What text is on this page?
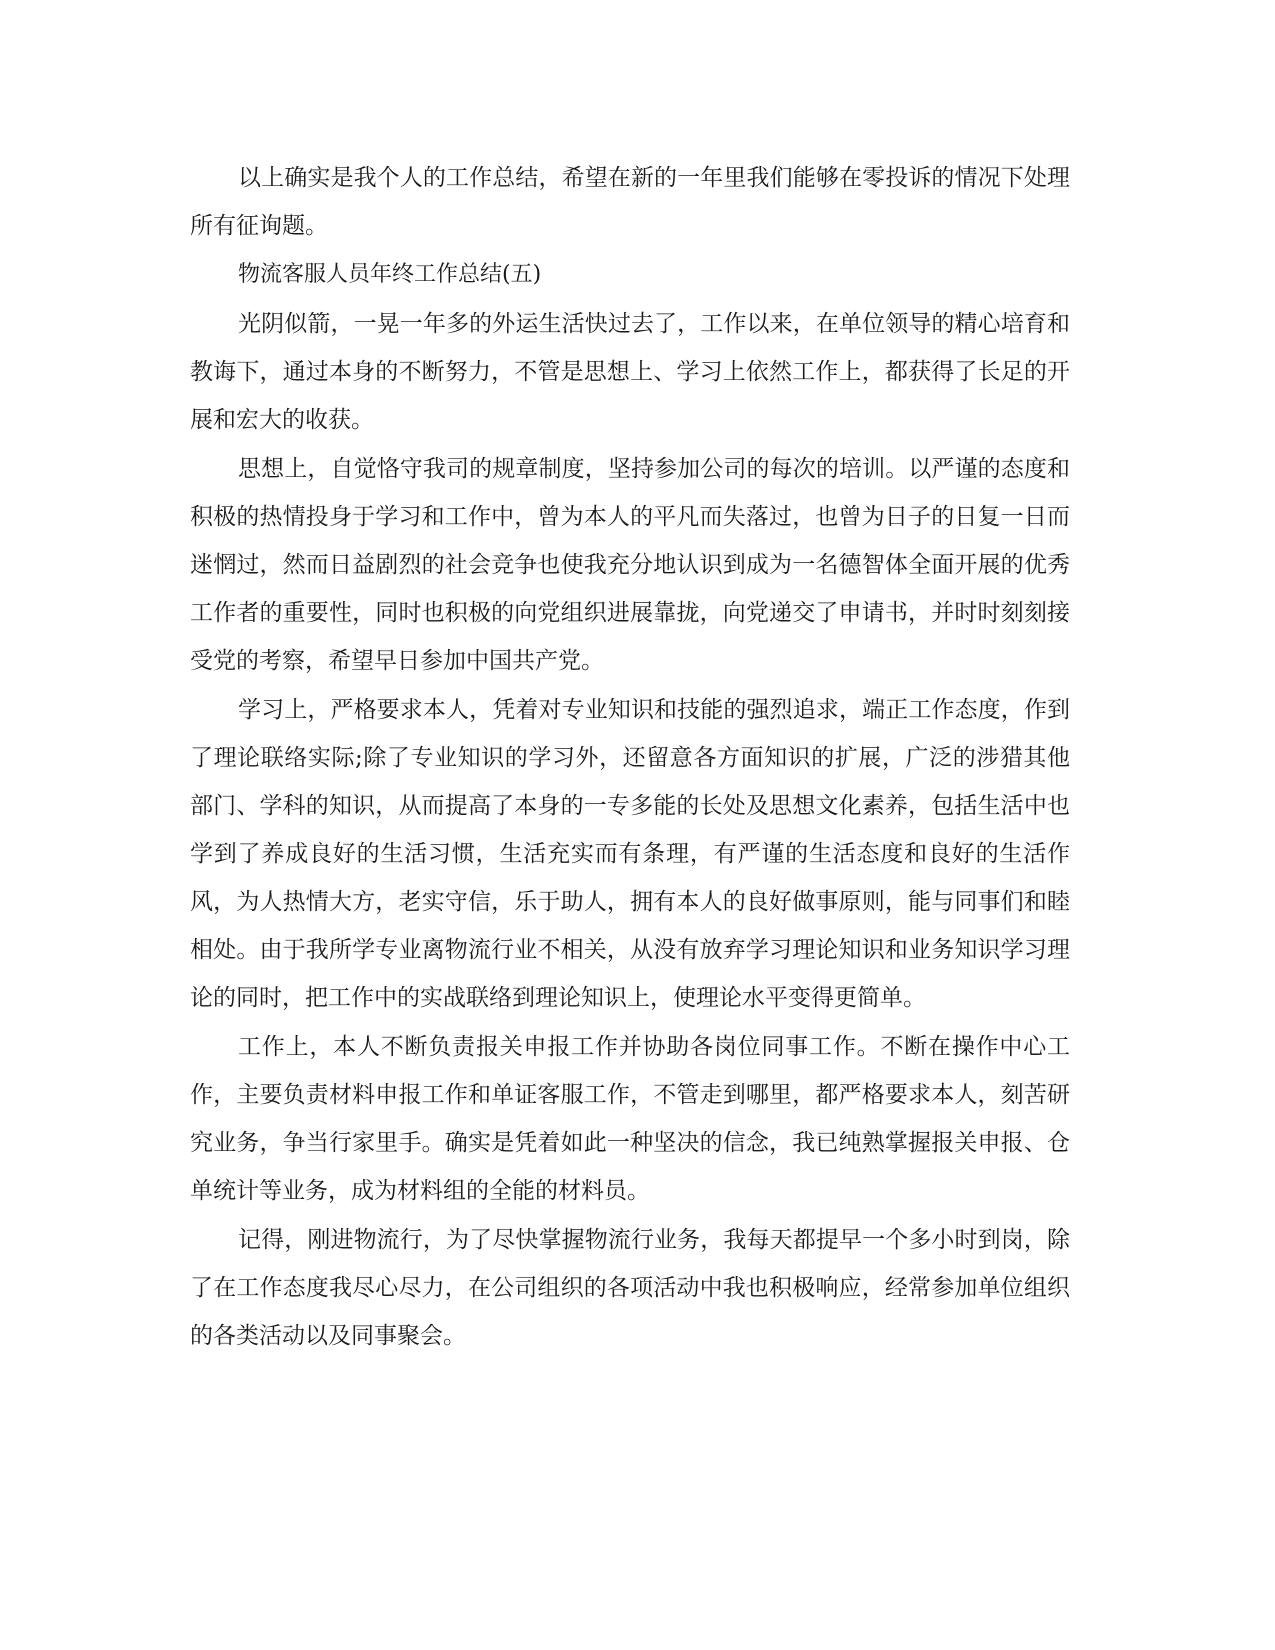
以上确实是我个人的工作总结，希望在新的一年里我们能够在零投诉的情况下处理所有征询题。

物流客服人员年终工作总结(五)

光阴似箭，一晃一年多的外运生活快过去了，工作以来，在单位领导的精心培育和教诲下，通过本身的不断努力，不管是思想上、学习上依然工作上，都获得了长足的开展和宏大的收获。

思想上，自觉恪守我司的规章制度，坚持参加公司的每次的培训。以严谨的态度和积极的热情投身于学习和工作中，曾为本人的平凡而失落过，也曾为日子的日复一日而迷惘过，然而日益剧烈的社会竞争也使我充分地认识到成为一名德智体全面开展的优秀工作者的重要性，同时也积极的向党组织进展靠拢，向党递交了申请书，并时时刻刻接受党的考察，希望早日参加中国共产党。

学习上，严格要求本人，凭着对专业知识和技能的强烈追求，端正工作态度，作到了理论联络实际;除了专业知识的学习外，还留意各方面知识的扩展，广泛的涉猎其他部门、学科的知识，从而提高了本身的一专多能的长处及思想文化素养，包括生活中也学到了养成良好的生活习惯，生活充实而有条理，有严谨的生活态度和良好的生活作风，为人热情大方，老实守信，乐于助人，拥有本人的良好做事原则，能与同事们和睦相处。由于我所学专业离物流行业不相关，从没有放弃学习理论知识和业务知识学习理论的同时，把工作中的实战联络到理论知识上，使理论水平变得更简单。

工作上，本人不断负责报关申报工作并协助各岗位同事工作。不断在操作中心工作，主要负责材料申报工作和单证客服工作，不管走到哪里，都严格要求本人，刻苦研究业务，争当行家里手。确实是凭着如此一种坚决的信念，我已纯熟掌握报关申报、仓单统计等业务，成为材料组的全能的材料员。

记得，刚进物流行，为了尽快掌握物流行业务，我每天都提早一个多小时到岗，除了在工作态度我尽心尽力，在公司组织的各项活动中我也积极响应，经常参加单位组织的各类活动以及同事聚会。
